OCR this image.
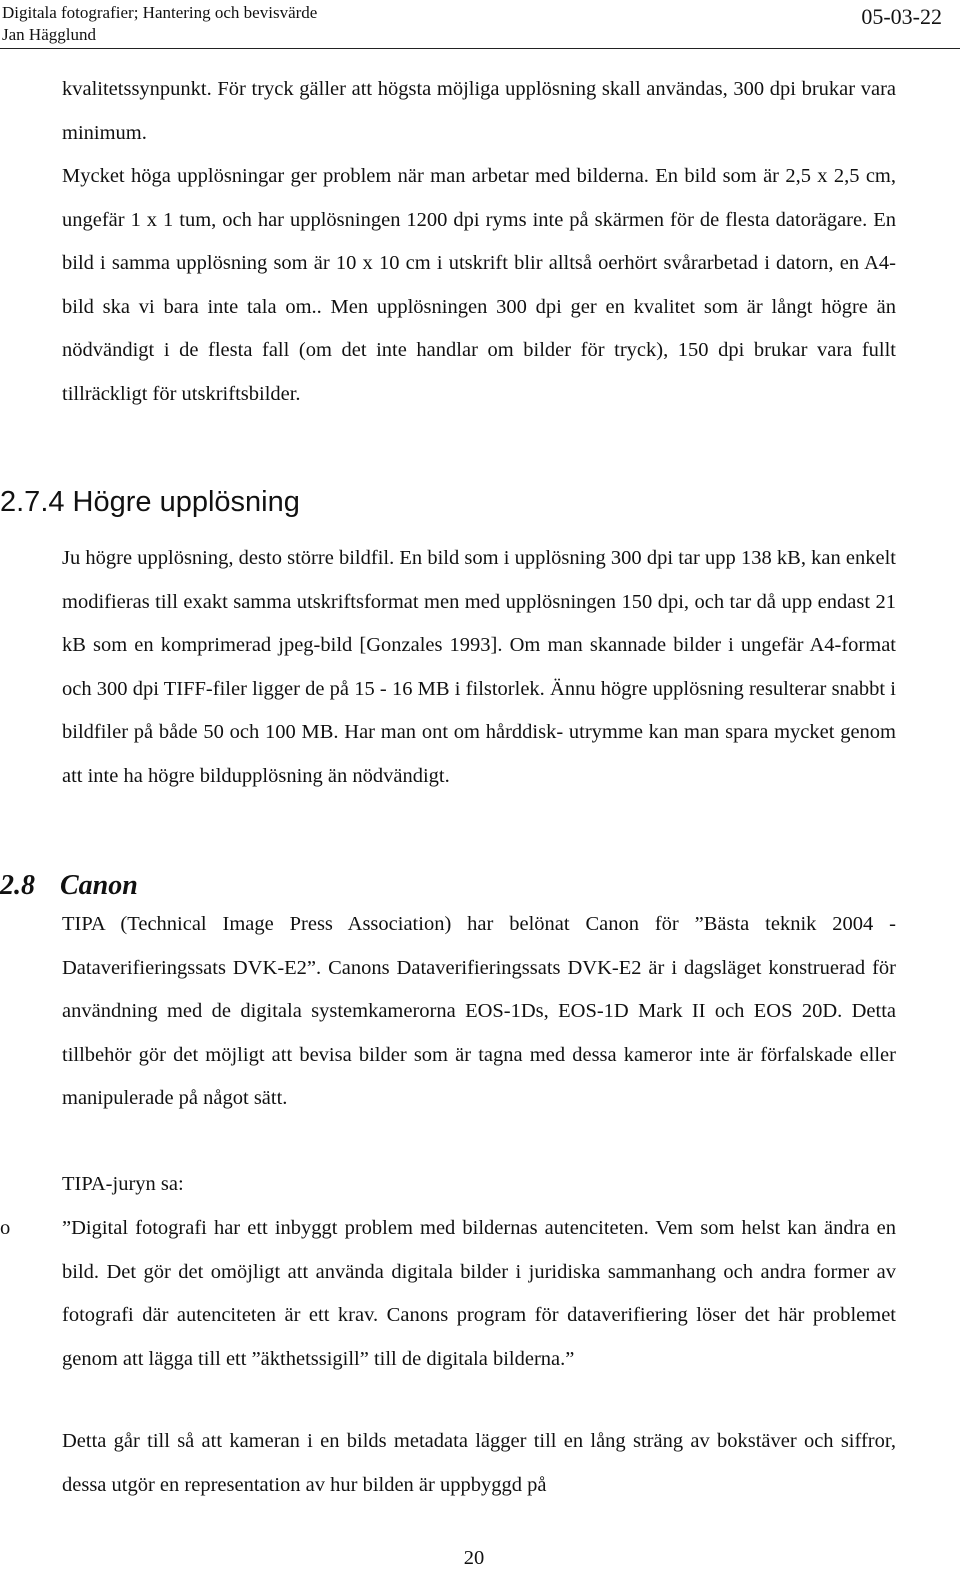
Digitala fotografier; Hantering och bevisvärde
Jan Hägglund
05-03-22
kvalitetssynpunkt. För tryck gäller att högsta möjliga upplösning skall användas, 300 dpi brukar vara minimum.
Mycket höga upplösningar ger problem när man arbetar med bilderna. En bild som är 2,5 x 2,5 cm, ungefär 1 x 1 tum, och har upplösningen 1200 dpi ryms inte på skärmen för de flesta datorägare. En bild i samma upplösning som är 10 x 10 cm i utskrift blir alltså oerhört svårarbetad i datorn, en A4-bild ska vi bara inte tala om.. Men upplösningen 300 dpi ger en kvalitet som är långt högre än nödvändigt i de flesta fall (om det inte handlar om bilder för tryck), 150 dpi brukar vara fullt tillräckligt för utskriftsbilder.
2.7.4 Högre upplösning
Ju högre upplösning, desto större bildfil. En bild som i upplösning 300 dpi tar upp 138 kB, kan enkelt modifieras till exakt samma utskriftsformat men med upplösningen 150 dpi, och tar då upp endast 21 kB som en komprimerad jpeg-bild [Gonzales 1993]. Om man skannade bilder i ungefär A4-format och 300 dpi TIFF-filer ligger de på 15 - 16 MB i filstorlek. Ännu högre upplösning resulterar snabbt i bildfiler på både 50 och 100 MB. Har man ont om hårddisk- utrymme kan man spara mycket genom att inte ha högre bildupplösning än nödvändigt.
2.8 Canon
TIPA (Technical Image Press Association) har belönat Canon för ”Bästa teknik 2004 - Dataverifieringssats DVK-E2”. Canons Dataverifieringssats DVK-E2 är i dagsläget konstruerad för användning med de digitala systemkamerorna EOS-1Ds, EOS-1D Mark II och EOS 20D. Detta tillbehör gör det möjligt att bevisa bilder som är tagna med dessa kameror inte är förfalskade eller manipulerade på något sätt.
TIPA-juryn sa:
o	”Digital fotografi har ett inbyggt problem med bildernas autenciteten. Vem som helst kan ändra en bild. Det gör det omöjligt att använda digitala bilder i juridiska sammanhang och andra former av fotografi där autenciteten är ett krav. Canons program för dataverifiering löser det här problemet genom att lägga till ett ”äkthetssigill” till de digitala bilderna.”
Detta går till så att kameran i en bilds metadata lägger till en lång sträng av bokstäver och siffror, dessa utgör en representation av hur bilden är uppbyggd på
20
